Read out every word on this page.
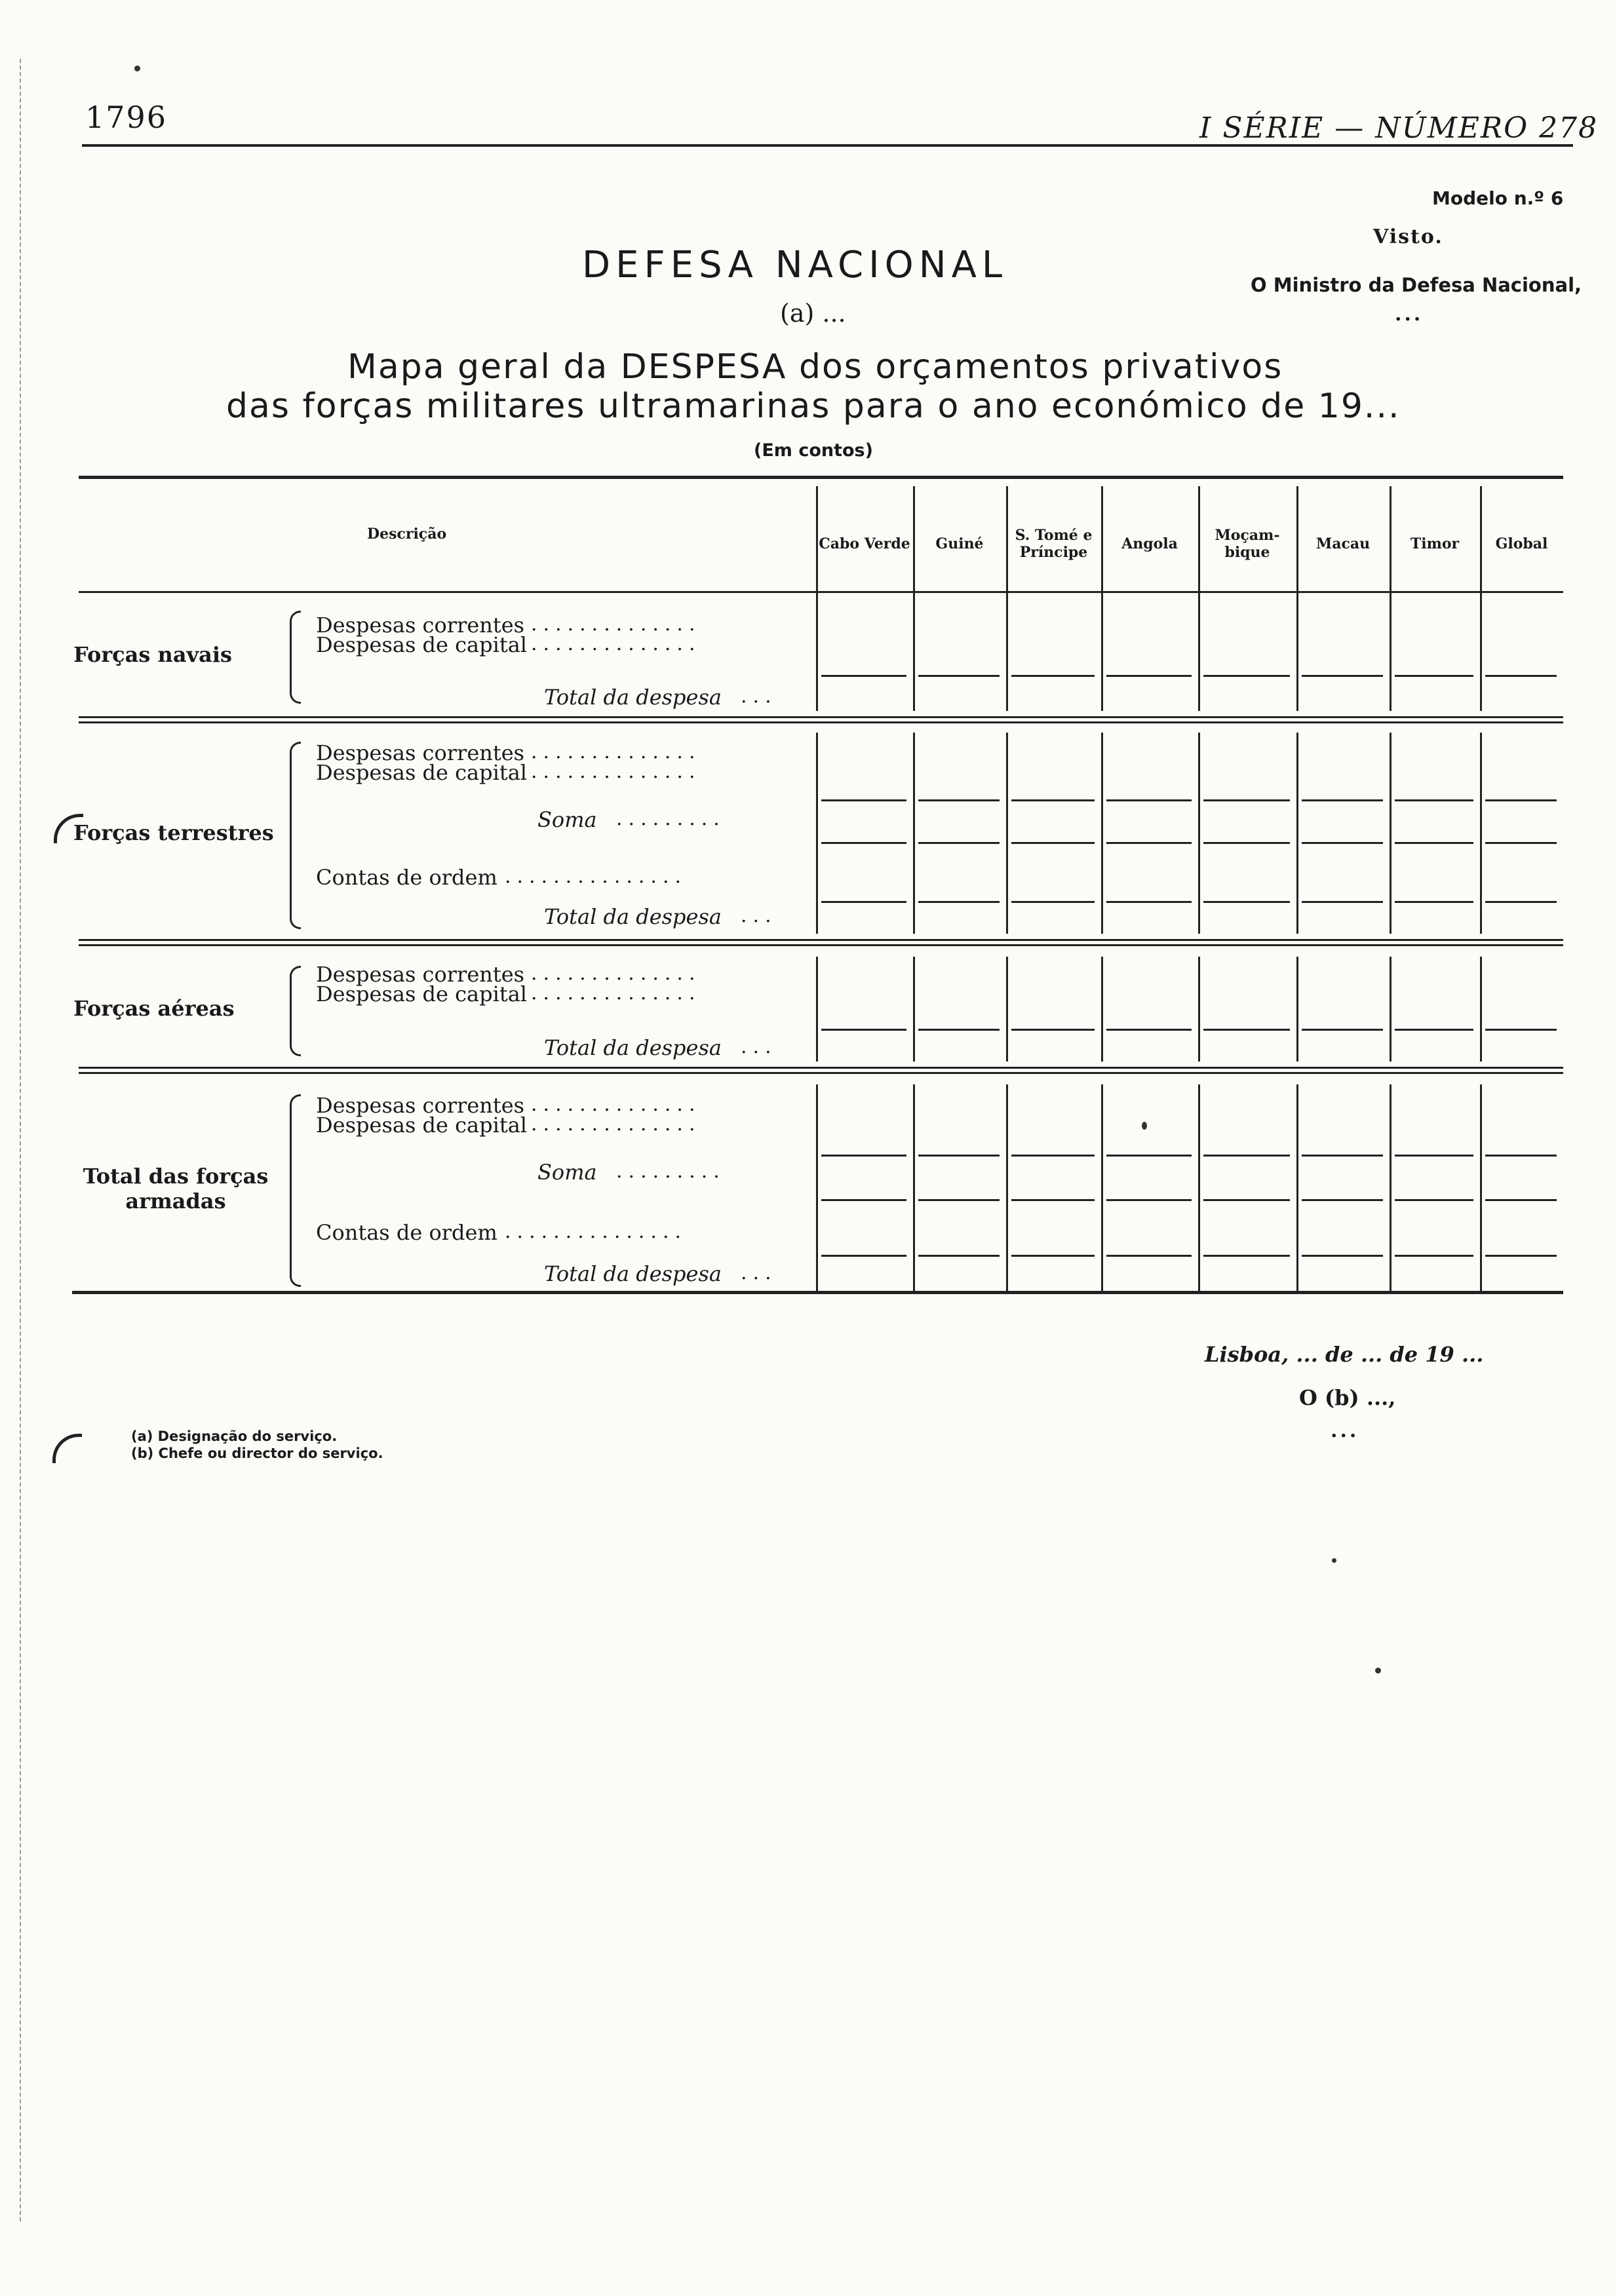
1796	I SÉRIE — NÚMERO 278
Modelo n.º 6
Visto.
O Ministro da Defesa Nacional,
...
DEFESA NACIONAL
(a) ...
Mapa geral da DESPESA dos orçamentos privativos
das forças militares ultramarinas para o ano económico de 19...
(Em contos)
Descrição
Cabo Verde	Guiné	S. Tomé e Príncipe	Angola	Moçam-bique	Macau	Timor	Global
Forças navais
Despesas correntes ..............
Despesas de capital ..............
Total da despesa ...
Forças terrestres
Despesas correntes ..............
Despesas de capital ..............
Soma .........
Contas de ordem ...............
Total da despesa ...
Forças aéreas
Despesas correntes ..............
Despesas de capital ..............
Total da despesa ...
Total das forças armadas
Despesas correntes ..............
Despesas de capital ..............
Soma .........
Contas de ordem ...............
Total da despesa ...
Lisboa, ... de ... de 19 ...
O (b) ...,
...
(a) Designação do serviço.
(b) Chefe ou director do serviço.
